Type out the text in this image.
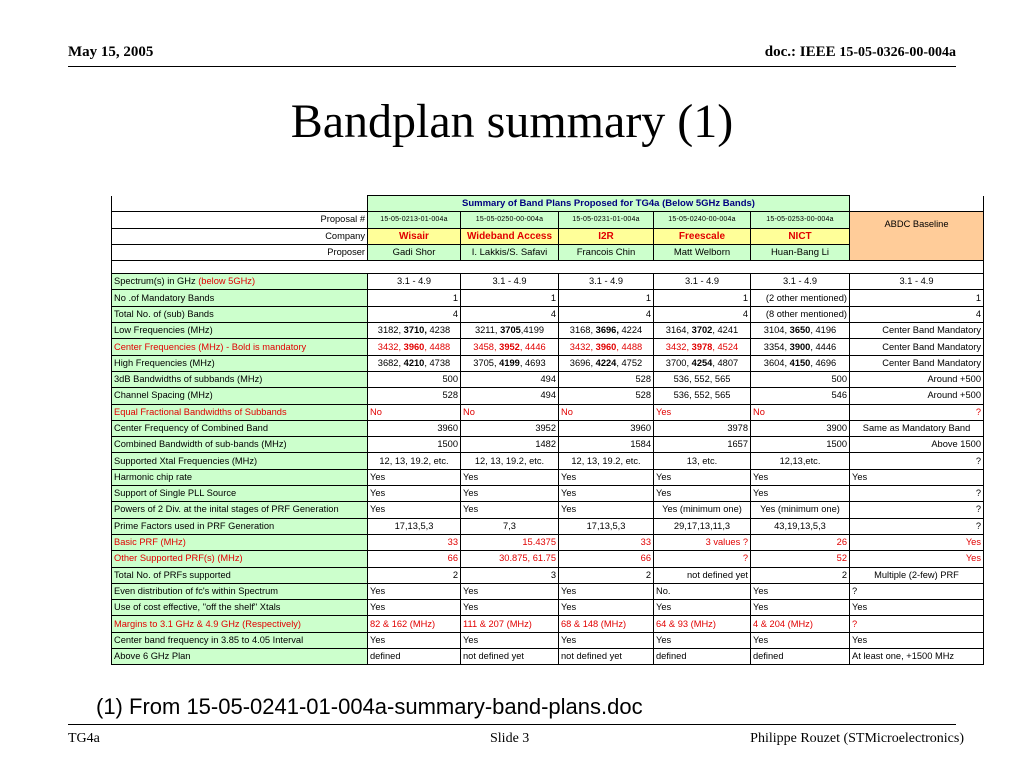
May 15, 2005	doc.: IEEE 15-05-0326-00-004a
Bandplan summary (1)
	Summary of Band Plans Proposed for TG4a (Below 5GHz Bands)					
Proposal #	15-05-0213-01-004a	15-05-0250-00-004a	15-05-0231-01-004a	15-05-0240-00-004a	15-05-0253-00-004a	ABDC Baseline
Company	Wisair	Wideband Access	I2R	Freescale	NICT	
Proposer	Gadi Shor	I. Lakkis/S. Safavi	Francois Chin	Matt Welborn	Huan-Bang Li	

Spectrum(s) in GHz (below 5GHz)	3.1 - 4.9	3.1 - 4.9	3.1 - 4.9	3.1 - 4.9	3.1 - 4.9	3.1 - 4.9
No .of Mandatory Bands	1	1	1	1	(2 other mentioned)	1
Total No. of (sub) Bands	4	4	4	4	(8 other mentioned)	4
Low Frequencies (MHz)	3182, 3710, 4238	3211, 3705,4199	3168, 3696, 4224	3164, 3702, 4241	3104, 3650, 4196	Center Band Mandatory
Center Frequencies (MHz) - Bold is mandatory	3432, 3960, 4488	3458, 3952, 4446	3432, 3960, 4488	3432, 3978, 4524	3354, 3900, 4446	Center Band Mandatory
High Frequencies (MHz)	3682, 4210, 4738	3705, 4199, 4693	3696, 4224, 4752	3700, 4254, 4807	3604, 4150, 4696	Center Band Mandatory
3dB Bandwidths of subbands (MHz)	500	494	528	536, 552, 565	500	Around +500
Channel Spacing (MHz)	528	494	528	536, 552, 565	546	Around +500
Equal Fractional Bandwidths of Subbands	No	No	No	Yes	No	?
Center Frequency of Combined Band	3960	3952	3960	3978	3900	Same as Mandatory Band
Combined Bandwidth of sub-bands (MHz)	1500	1482	1584	1657	1500	Above 1500
Supported Xtal Frequencies (MHz)	12, 13, 19.2, etc.	12, 13, 19.2, etc.	12, 13, 19.2, etc.	13, etc.	12,13,etc.	?
Harmonic chip rate	Yes	Yes	Yes	Yes	Yes	Yes
Support of Single PLL Source	Yes	Yes	Yes	Yes	Yes	?
Powers of 2 Div. at the inital stages of PRF Generation	Yes	Yes	Yes	Yes (minimum one)	Yes (minimum one)	?
Prime Factors used in PRF Generation	17,13,5,3	7,3	17,13,5,3	29,17,13,11,3	43,19,13,5,3	?
Basic PRF (MHz)	33	15.4375	33	3 values ?	26	Yes
Other Supported PRF(s) (MHz)	66	30.875, 61.75	66	?	52	Yes
Total No. of PRFs supported	2	3	2	not defined yet	2	Multiple (2-few) PRF
Even distribution of fc's within Spectrum	Yes	Yes	Yes	No.	Yes	?
Use of cost effective, "off the shelf" Xtals	Yes	Yes	Yes	Yes	Yes	Yes
Margins to 3.1 GHz & 4.9 GHz (Respectively)	82 & 162 (MHz)	111 & 207 (MHz)	68 & 148 (MHz)	64 & 93 (MHz)	4 & 204 (MHz)	?
Center band frequency in 3.85 to 4.05 Interval	Yes	Yes	Yes	Yes	Yes	Yes
Above 6 GHz Plan	defined	not defined yet	not defined yet	defined	defined	At least one, +1500 MHz
(1) From 15-05-0241-01-004a-summary-band-plans.doc
TG4a	Slide 3	Philippe Rouzet (STMicroelectronics)
